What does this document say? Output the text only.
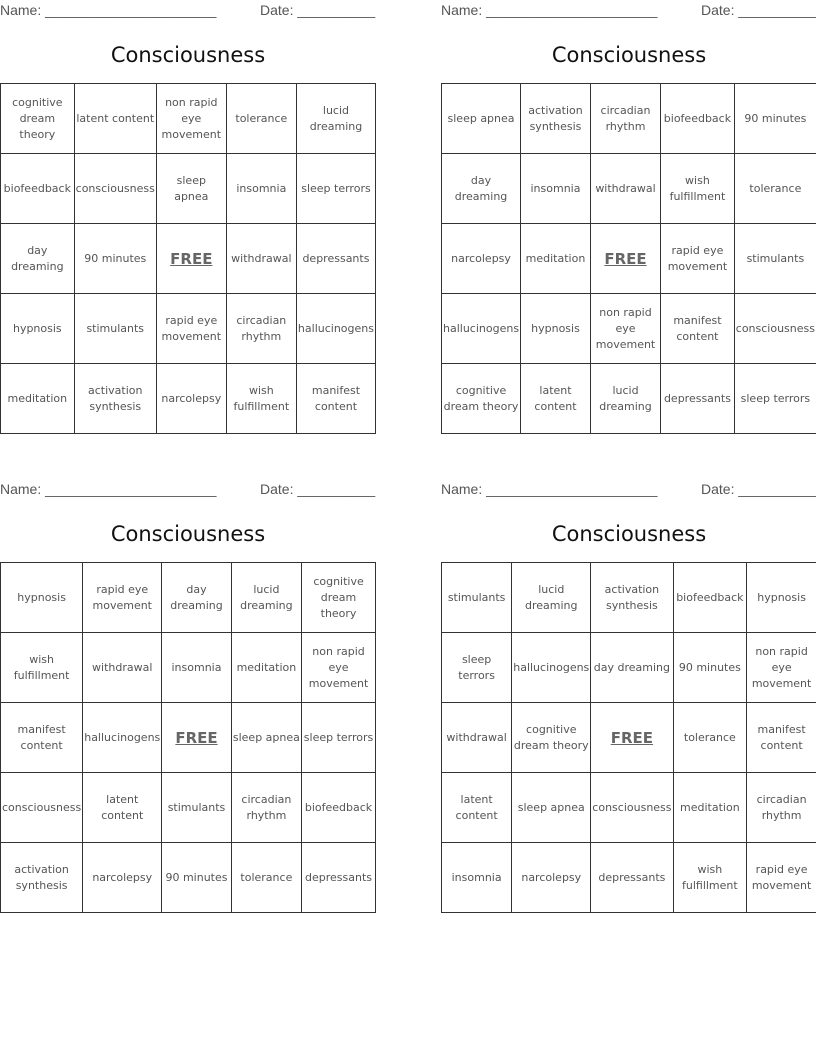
Name: ______________________	Date: __________
Consciousness
cognitive dream theory	latent content	non rapid eye movement	tolerance	lucid dreaming
biofeedback	consciousness	sleep apnea	insomnia	sleep terrors
day dreaming	90 minutes	FREE	withdrawal	depressants
hypnosis	stimulants	rapid eye movement	circadian rhythm	hallucinogens
meditation	activation synthesis	narcolepsy	wish fulfillment	manifest content
Name: ______________________	Date: __________
Consciousness
sleep apnea	activation synthesis	circadian rhythm	biofeedback	90 minutes
day dreaming	insomnia	withdrawal	wish fulfillment	tolerance
narcolepsy	meditation	FREE	rapid eye movement	stimulants
hallucinogens	hypnosis	non rapid eye movement	manifest content	consciousness
cognitive dream theory	latent content	lucid dreaming	depressants	sleep terrors
Name: ______________________	Date: __________
Consciousness
hypnosis	rapid eye movement	day dreaming	lucid dreaming	cognitive dream theory
wish fulfillment	withdrawal	insomnia	meditation	non rapid eye movement
manifest content	hallucinogens	FREE	sleep apnea	sleep terrors
consciousness	latent content	stimulants	circadian rhythm	biofeedback
activation synthesis	narcolepsy	90 minutes	tolerance	depressants
Name: ______________________	Date: __________
Consciousness
stimulants	lucid dreaming	activation synthesis	biofeedback	hypnosis
sleep terrors	hallucinogens	day dreaming	90 minutes	non rapid eye movement
withdrawal	cognitive dream theory	FREE	tolerance	manifest content
latent content	sleep apnea	consciousness	meditation	circadian rhythm
insomnia	narcolepsy	depressants	wish fulfillment	rapid eye movement
